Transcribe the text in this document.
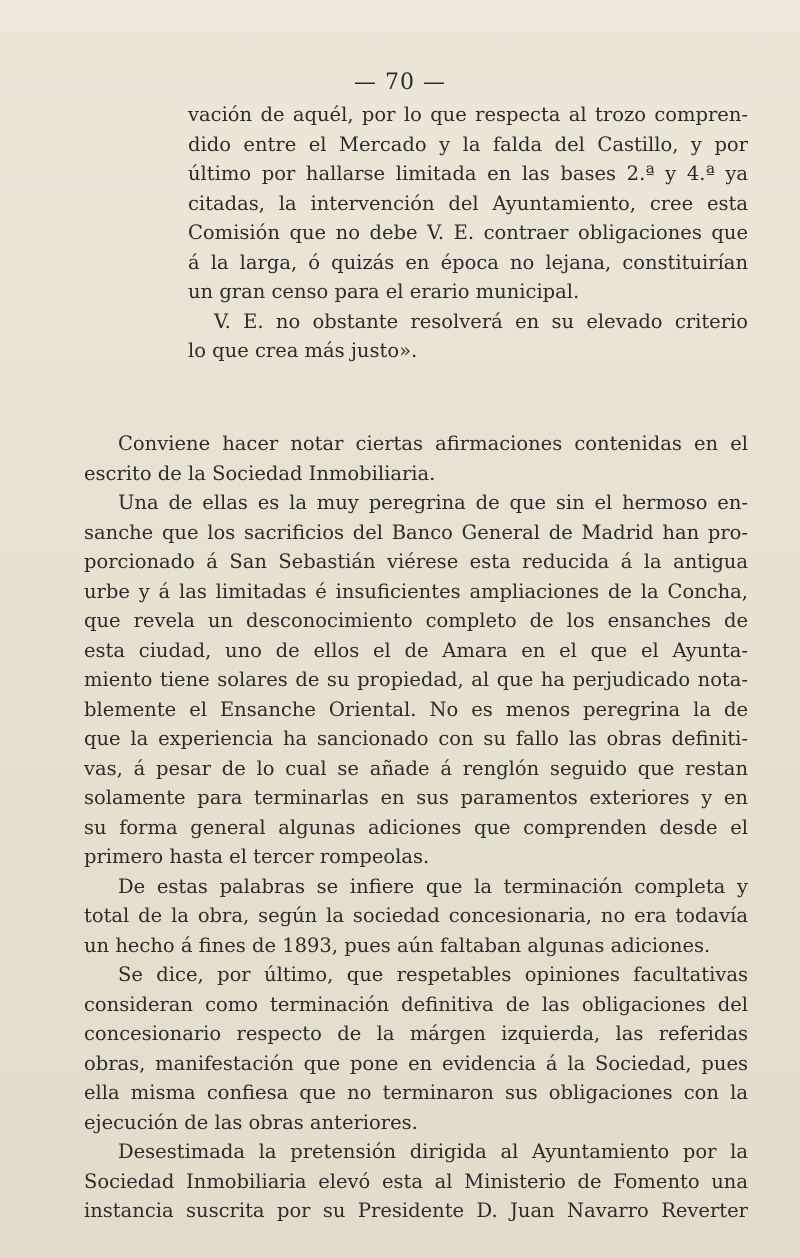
— 70 —
vación de aquél, por lo que respecta al trozo compren-
dido entre el Mercado y la falda del Castillo, y por
último por hallarse limitada en las bases 2.ª y 4.ª ya
citadas, la intervención del Ayuntamiento, cree esta
Comisión que no debe V. E. contraer obligaciones que
á la larga, ó quizás en época no lejana, constituirían
un gran censo para el erario municipal.
V. E. no obstante resolverá en su elevado criterio
lo que crea más justo».
Conviene hacer notar ciertas afirmaciones contenidas en el
escrito de la Sociedad Inmobiliaria.
Una de ellas es la muy peregrina de que sin el hermoso en-
sanche que los sacrificios del Banco General de Madrid han pro-
porcionado á San Sebastián viérese esta reducida á la antigua
urbe y á las limitadas é insuficientes ampliaciones de la Concha,
que revela un desconocimiento completo de los ensanches de
esta ciudad, uno de ellos el de Amara en el que el Ayunta-
miento tiene solares de su propiedad, al que ha perjudicado nota-
blemente el Ensanche Oriental. No es menos peregrina la de
que la experiencia ha sancionado con su fallo las obras definiti-
vas, á pesar de lo cual se añade á renglón seguido que restan
solamente para terminarlas en sus paramentos exteriores y en
su forma general algunas adiciones que comprenden desde el
primero hasta el tercer rompeolas.
De estas palabras se infiere que la terminación completa y
total de la obra, según la sociedad concesionaria, no era todavía
un hecho á fines de 1893, pues aún faltaban algunas adiciones.
Se dice, por último, que respetables opiniones facultativas
consideran como terminación definitiva de las obligaciones del
concesionario respecto de la márgen izquierda, las referidas
obras, manifestación que pone en evidencia á la Sociedad, pues
ella misma confiesa que no terminaron sus obligaciones con la
ejecución de las obras anteriores.
Desestimada la pretensión dirigida al Ayuntamiento por la
Sociedad Inmobiliaria elevó esta al Ministerio de Fomento una
instancia suscrita por su Presidente D. Juan Navarro Reverter
